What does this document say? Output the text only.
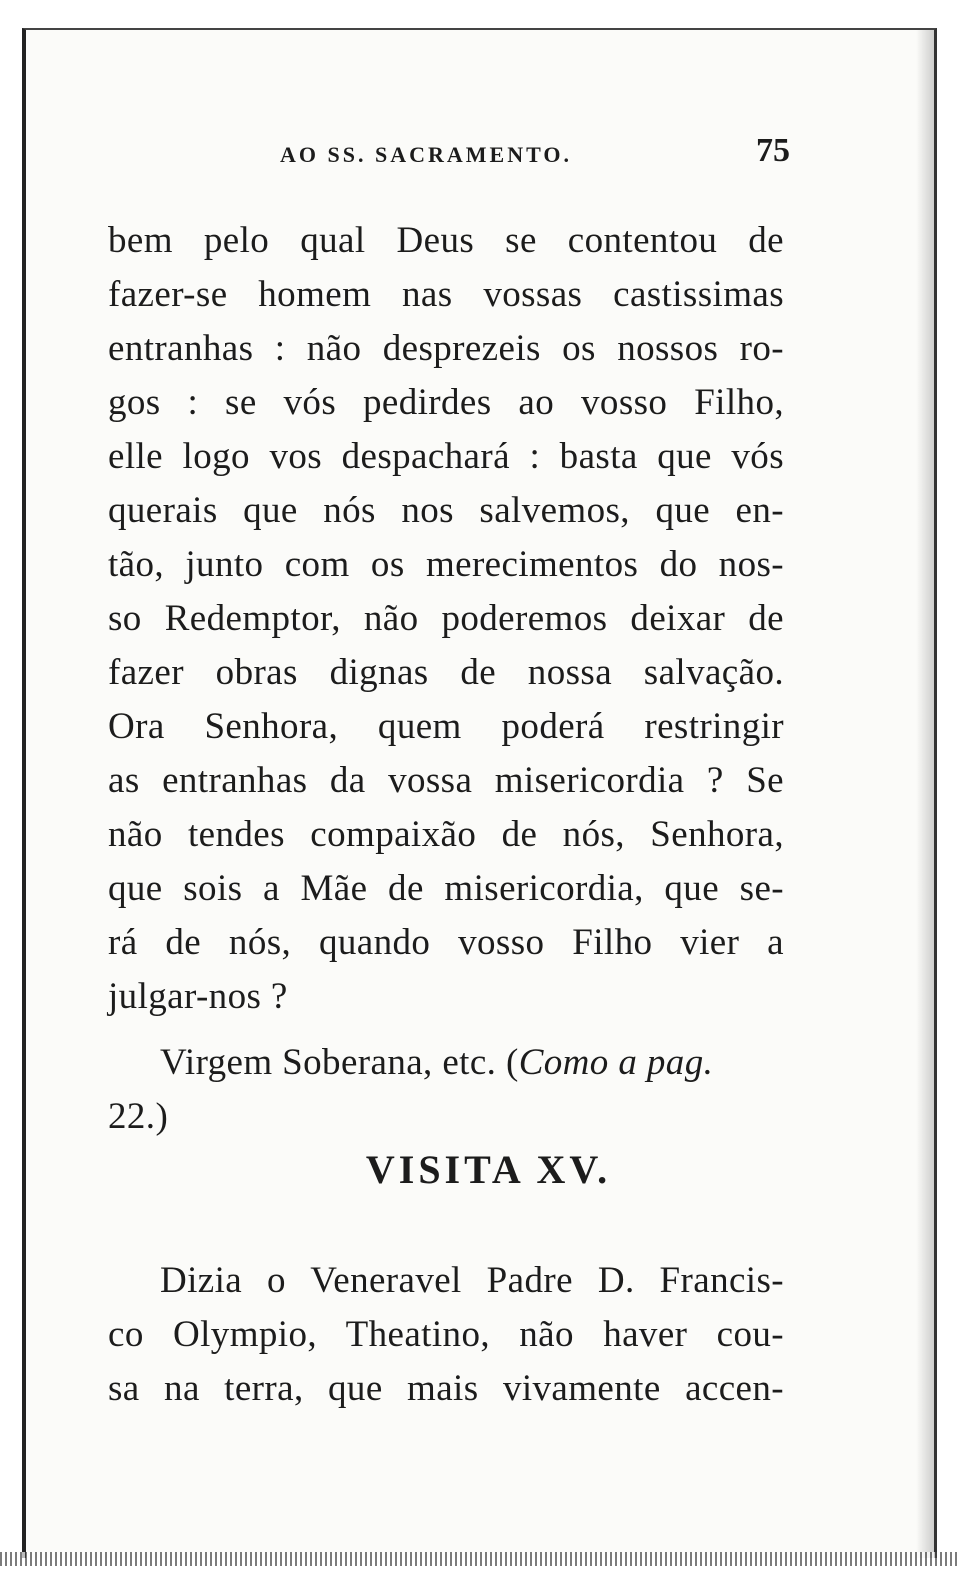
AO SS. SACRAMENTO.	75
bem pelo qual Deus se contentou de
fazer-se homem nas vossas castissimas
entranhas : não desprezeis os nossos ro-
gos : se vós pedirdes ao vosso Filho,
elle logo vos despachará : basta que vós
querais que nós nos salvemos, que en-
tão, junto com os merecimentos do nos-
so Redemptor, não poderemos deixar de
fazer obras dignas de nossa salvação.
Ora Senhora, quem poderá restringir
as entranhas da vossa misericordia ? Se
não tendes compaixão de nós, Senhora,
que sois a Mãe de misericordia, que se-
rá de nós, quando vosso Filho vier a
julgar-nos ?
Virgem Soberana, etc. (Como a pag.
22.)
VISITA XV.
Dizia o Veneravel Padre D. Francis-
co Olympio, Theatino, não haver cou-
sa na terra, que mais vivamente accen-
